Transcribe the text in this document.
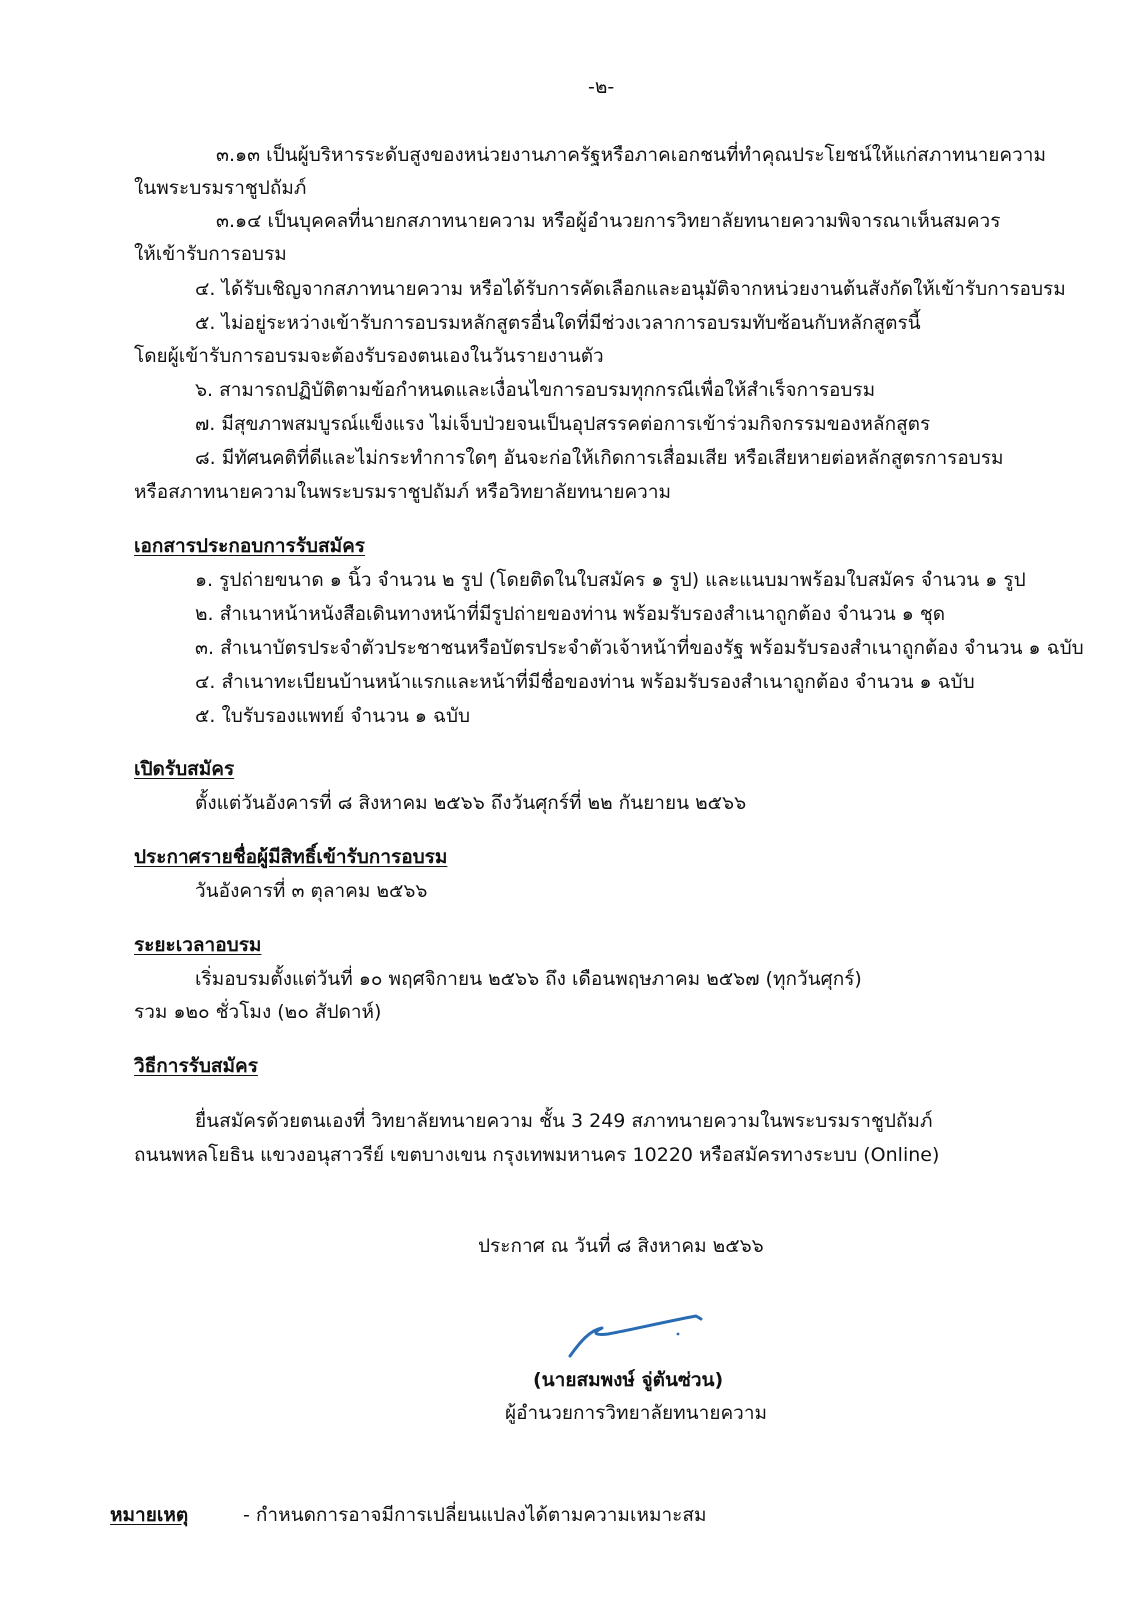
-๒-
๓.๑๓ เป็นผู้บริหารระดับสูงของหน่วยงานภาครัฐหรือภาคเอกชนที่ทำคุณประโยชน์ให้แก่สภาทนายความ
ในพระบรมราชูปถัมภ์
๓.๑๔ เป็นบุคคลที่นายกสภาทนายความ หรือผู้อำนวยการวิทยาลัยทนายความพิจารณาเห็นสมควร
ให้เข้ารับการอบรม
๔. ได้รับเชิญจากสภาทนายความ หรือได้รับการคัดเลือกและอนุมัติจากหน่วยงานต้นสังกัดให้เข้ารับการอบรม
๕. ไม่อยู่ระหว่างเข้ารับการอบรมหลักสูตรอื่นใดที่มีช่วงเวลาการอบรมทับซ้อนกับหลักสูตรนี้
โดยผู้เข้ารับการอบรมจะต้องรับรองตนเองในวันรายงานตัว
๖. สามารถปฏิบัติตามข้อกำหนดและเงื่อนไขการอบรมทุกกรณีเพื่อให้สำเร็จการอบรม
๗. มีสุขภาพสมบูรณ์แข็งแรง ไม่เจ็บป่วยจนเป็นอุปสรรคต่อการเข้าร่วมกิจกรรมของหลักสูตร
๘. มีทัศนคติที่ดีและไม่กระทำการใดๆ อันจะก่อให้เกิดการเสื่อมเสีย หรือเสียหายต่อหลักสูตรการอบรม
หรือสภาทนายความในพระบรมราชูปถัมภ์ หรือวิทยาลัยทนายความ
เอกสารประกอบการรับสมัคร
๑. รูปถ่ายขนาด ๑ นิ้ว จำนวน ๒ รูป (โดยติดในใบสมัคร ๑ รูป) และแนบมาพร้อมใบสมัคร จำนวน ๑ รูป
๒. สำเนาหน้าหนังสือเดินทางหน้าที่มีรูปถ่ายของท่าน พร้อมรับรองสำเนาถูกต้อง จำนวน ๑ ชุด
๓. สำเนาบัตรประจำตัวประชาชนหรือบัตรประจำตัวเจ้าหน้าที่ของรัฐ พร้อมรับรองสำเนาถูกต้อง จำนวน ๑ ฉบับ
๔. สำเนาทะเบียนบ้านหน้าแรกและหน้าที่มีชื่อของท่าน พร้อมรับรองสำเนาถูกต้อง จำนวน ๑ ฉบับ
๕. ใบรับรองแพทย์ จำนวน ๑ ฉบับ
เปิดรับสมัคร
ตั้งแต่วันอังคารที่ ๘ สิงหาคม ๒๕๖๖ ถึงวันศุกร์ที่ ๒๒ กันยายน ๒๕๖๖
ประกาศรายชื่อผู้มีสิทธิ์เข้ารับการอบรม
วันอังคารที่ ๓ ตุลาคม ๒๕๖๖
ระยะเวลาอบรม
เริ่มอบรมตั้งแต่วันที่ ๑๐ พฤศจิกายน ๒๕๖๖ ถึง เดือนพฤษภาคม ๒๕๖๗ (ทุกวันศุกร์)
รวม ๑๒๐ ชั่วโมง (๒๐ สัปดาห์)
วิธีการรับสมัคร
ยื่นสมัครด้วยตนเองที่ วิทยาลัยทนายความ ชั้น 3 249 สภาทนายความในพระบรมราชูปถัมภ์
ถนนพหลโยธิน แขวงอนุสาวรีย์ เขตบางเขน กรุงเทพมหานคร 10220 หรือสมัครทางระบบ (Online)
ประกาศ ณ วันที่ ๘ สิงหาคม ๒๕๖๖
(นายสมพงษ์ จู่ตันซ่วน)
ผู้อำนวยการวิทยาลัยทนายความ
หมายเหตุ	- กำหนดการอาจมีการเปลี่ยนแปลงได้ตามความเหมาะสม
